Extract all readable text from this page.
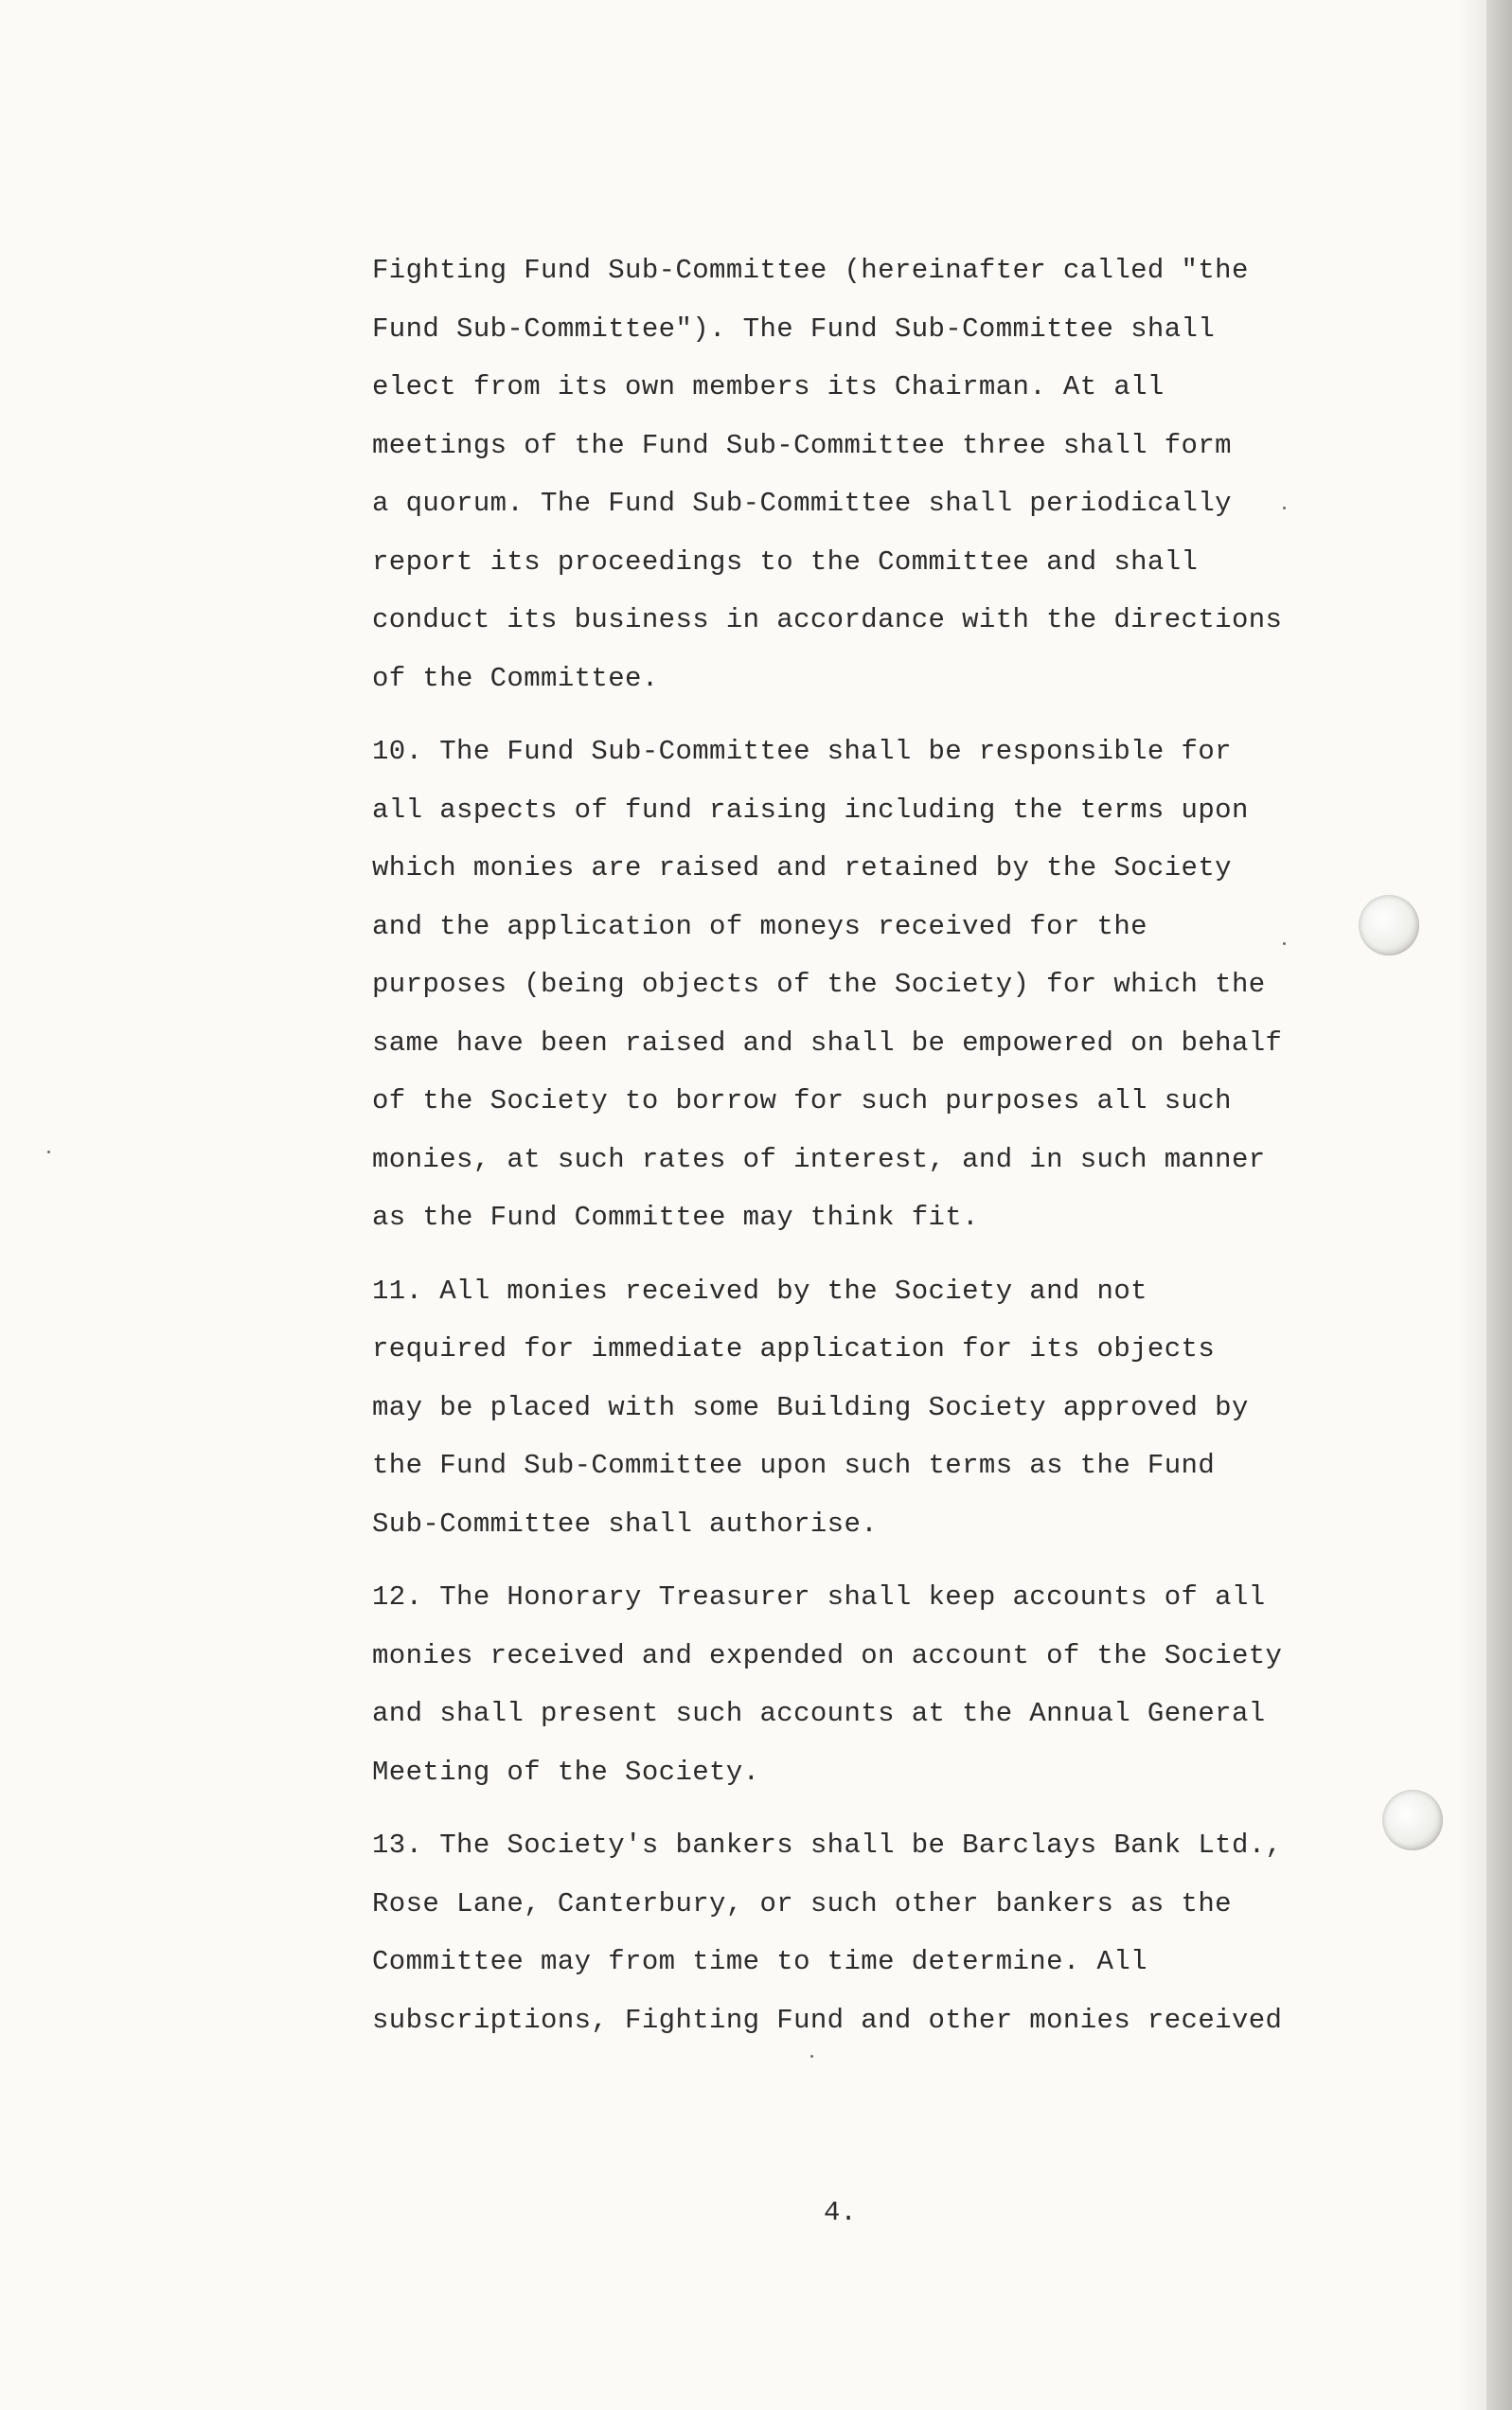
Fighting Fund Sub-Committee (hereinafter called "the
Fund Sub-Committee"). The Fund Sub-Committee shall
elect from its own members its Chairman. At all
meetings of the Fund Sub-Committee three shall form
a quorum. The Fund Sub-Committee shall periodically
report its proceedings to the Committee and shall
conduct its business in accordance with the directions
of the Committee.

10. The Fund Sub-Committee shall be responsible for
all aspects of fund raising including the terms upon
which monies are raised and retained by the Society
and the application of moneys received for the
purposes (being objects of the Society) for which the
same have been raised and shall be empowered on behalf
of the Society to borrow for such purposes all such
monies, at such rates of interest, and in such manner
as the Fund Committee may think fit.

11. All monies received by the Society and not
required for immediate application for its objects
may be placed with some Building Society approved by
the Fund Sub-Committee upon such terms as the Fund
Sub-Committee shall authorise.

12. The Honorary Treasurer shall keep accounts of all
monies received and expended on account of the Society
and shall present such accounts at the Annual General
Meeting of the Society.

13. The Society's bankers shall be Barclays Bank Ltd.,
Rose Lane, Canterbury, or such other bankers as the
Committee may from time to time determine. All
subscriptions, Fighting Fund and other monies received

4.
